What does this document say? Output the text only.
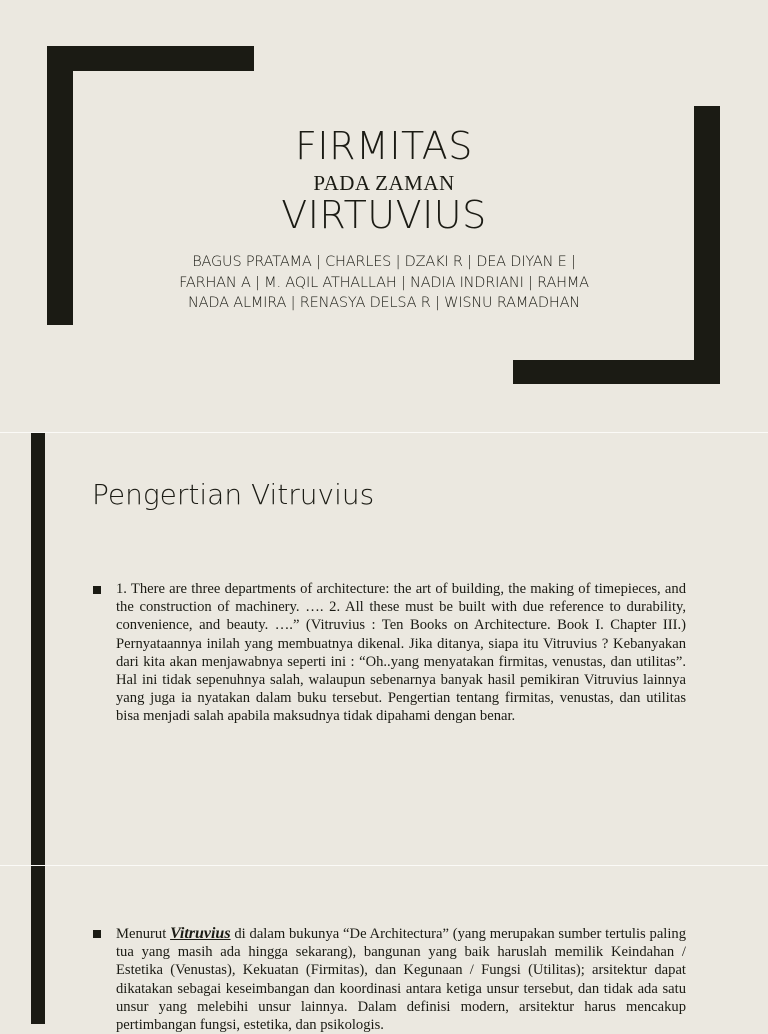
FIRMITAS
PADA ZAMAN
VIRTUVIUS
BAGUS PRATAMA | CHARLES | DZAKI R | DEA DIYAN E |
FARHAN A | M. AQIL ATHALLAH | NADIA INDRIANI | RAHMA
NADA ALMIRA | RENASYA DELSA R | WISNU RAMADHAN
Pengertian Vitruvius

1. There are three departments of architecture: the art of building, the making of timepieces, and the construction of machinery. …. 2. All these must be built with due reference to durability, convenience, and beauty. ….” (Vitruvius : Ten Books on Architecture. Book I. Chapter III.) Pernyataannya inilah yang membuatnya dikenal. Jika ditanya, siapa itu Vitruvius ? Kebanyakan dari kita akan menjawabnya seperti ini : “Oh..yang menyatakan firmitas, venustas, dan utilitas”. Hal ini tidak sepenuhnya salah, walaupun sebenarnya banyak hasil pemikiran Vitruvius lainnya yang juga ia nyatakan dalam buku tersebut. Pengertian tentang firmitas, venustas, dan utilitas bisa menjadi salah apabila maksudnya tidak dipahami dengan benar.

Menurut Vitruvius di dalam bukunya “De Architectura” (yang merupakan sumber tertulis paling tua yang masih ada hingga sekarang), bangunan yang baik haruslah memilik Keindahan / Estetika (Venustas), Kekuatan (Firmitas), dan Kegunaan / Fungsi (Utilitas); arsitektur dapat dikatakan sebagai keseimbangan dan koordinasi antara ketiga unsur tersebut, dan tidak ada satu unsur yang melebihi unsur lainnya. Dalam definisi modern, arsitektur harus mencakup pertimbangan fungsi, estetika, dan psikologis.
